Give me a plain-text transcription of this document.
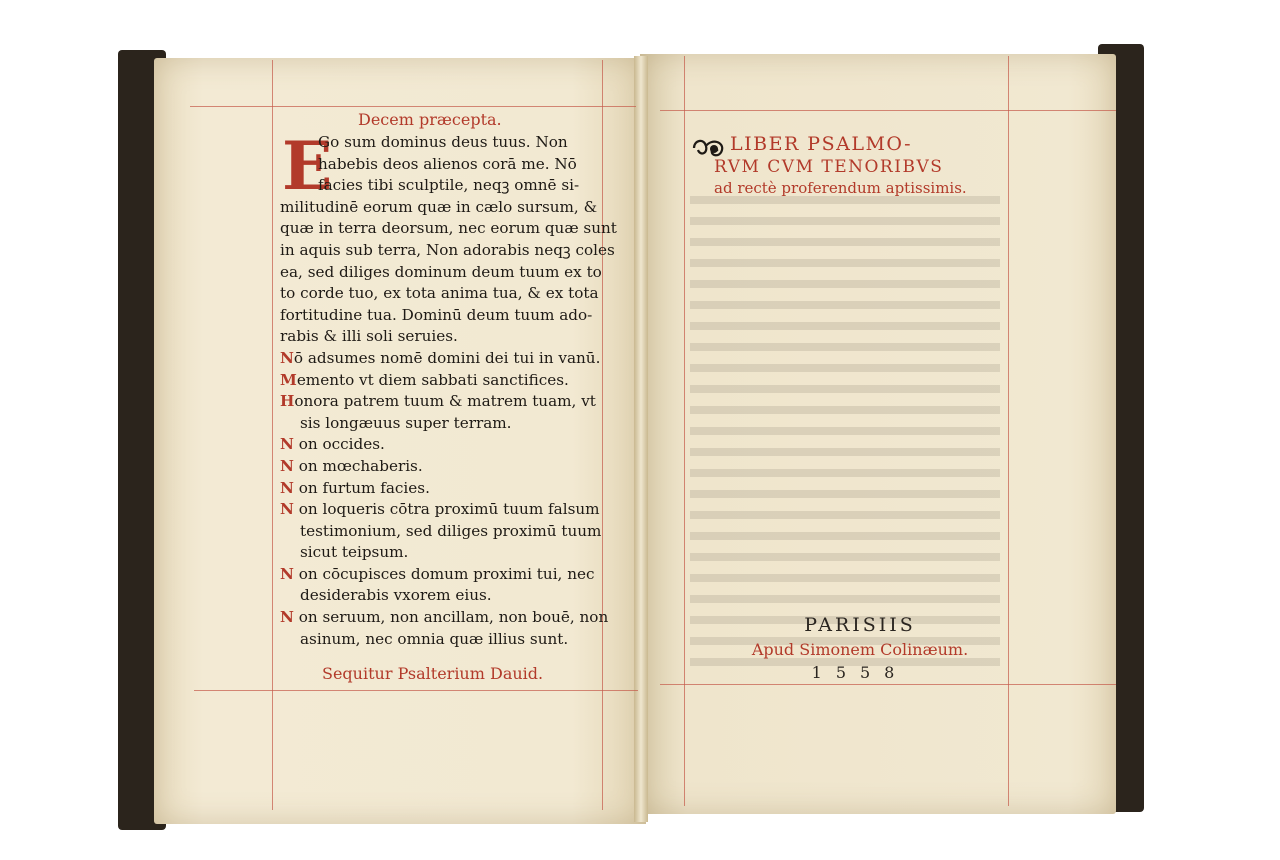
Decem præcepta.
E
Go sum dominus deus tuus. Non
habebis deos alienos corā me. Nō
facies tibi sculptile, neqꝫ omnē si-
militudinē eorum quæ in cælo sursum, &
quæ in terra deorsum, nec eorum quæ sunt
in aquis sub terra, Non adorabis neqꝫ coles
ea, sed diliges dominum deum tuum ex to
to corde tuo, ex tota anima tua, & ex tota
fortitudine tua. Dominū deum tuum ado-
rabis & illi soli seruies.
Nō adsumes nomē domini dei tui in vanū.
Memento vt diem sabbati sanctifices.
Honora patrem tuum & matrem tuam, vt
sis longæuus super terram.
N on occides.
N on mœchaberis.
N on furtum facies.
N on loqueris cōtra proximū tuum falsum
testimonium, sed diliges proximū tuum
sicut teipsum.
N on cōcupisces domum proximi tui, nec
desiderabis vxorem eius.
N on seruum, non ancillam, non bouē, non
asinum, nec omnia quæ illius sunt.
Sequitur Psalterium Dauid.
LIBER PSALMO-
RVM CVM TENORIBVS
ad rectè proferendum aptissimis.
PARISIIS
Apud Simonem Colinæum.
1558
